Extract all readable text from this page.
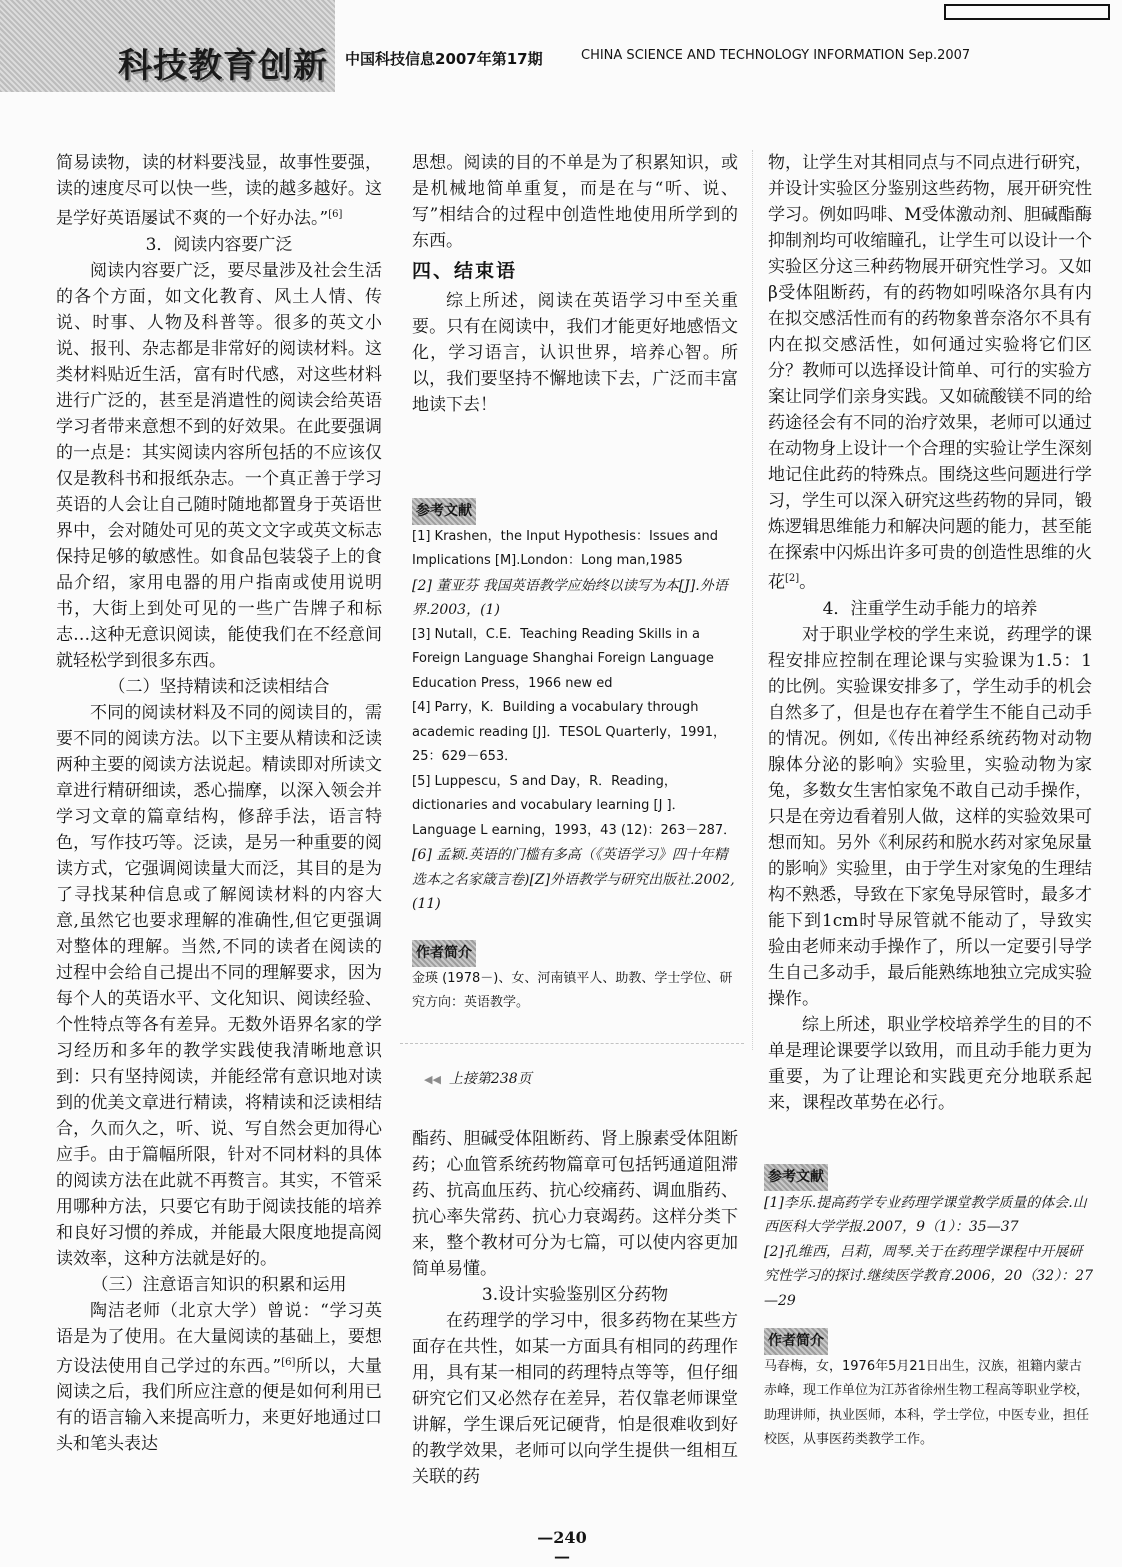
科技教育创新	中国科技信息2007年第17期	CHINA SCIENCE AND TECHNOLOGY INFORMATION Sep.2007

简易读物，读的材料要浅显，故事性要强，读的速度尽可以快一些，读的越多越好。这是学好英语屡试不爽的一个好办法。”[6]

3．阅读内容要广泛

阅读内容要广泛，要尽量涉及社会生活的各个方面，如文化教育、风土人情、传说、时事、人物及科普等。很多的英文小说、报刊、杂志都是非常好的阅读材料。这类材料贴近生活，富有时代感，对这些材料进行广泛的，甚至是消遣性的阅读会给英语学习者带来意想不到的好效果。在此要强调的一点是：其实阅读内容所包括的不应该仅仅是教科书和报纸杂志。一个真正善于学习英语的人会让自己随时随地都置身于英语世界中，会对随处可见的英文文字或英文标志保持足够的敏感性。如食品包装袋子上的食品介绍，家用电器的用户指南或使用说明书，大街上到处可见的一些广告牌子和标志…这种无意识阅读，能使我们在不经意间就轻松学到很多东西。

（二）坚持精读和泛读相结合

不同的阅读材料及不同的阅读目的，需要不同的阅读方法。以下主要从精读和泛读两种主要的阅读方法说起。精读即对所读文章进行精研细读，悉心揣摩，以深入领会并学习文章的篇章结构，修辞手法，语言特色，写作技巧等。泛读，是另一种重要的阅读方式，它强调阅读量大而泛，其目的是为了寻找某种信息或了解阅读材料的内容大意,虽然它也要求理解的准确性,但它更强调对整体的理解。当然,不同的读者在阅读的过程中会给自己提出不同的理解要求，因为每个人的英语水平、文化知识、阅读经验、个性特点等各有差异。无数外语界名家的学习经历和多年的教学实践使我清晰地意识到：只有坚持阅读，并能经常有意识地对读到的优美文章进行精读，将精读和泛读相结合，久而久之，听、说、写自然会更加得心应手。由于篇幅所限，针对不同材料的具体的阅读方法在此就不再赘言。其实，不管采用哪种方法，只要它有助于阅读技能的培养和良好习惯的养成，并能最大限度地提高阅读效率，这种方法就是好的。

（三）注意语言知识的积累和运用

陶洁老师（北京大学）曾说：“学习英语是为了使用。在大量阅读的基础上，要想方设法使用自己学过的东西。”[6]所以，大量阅读之后，我们所应注意的便是如何利用已有的语言输入来提高听力，来更好地通过口头和笔头表达

思想。阅读的目的不单是为了积累知识，或是机械地简单重复，而是在与“听、说、写”相结合的过程中创造性地使用所学到的东西。

四、结束语

综上所述，阅读在英语学习中至关重要。只有在阅读中，我们才能更好地感悟文化，学习语言，认识世界，培养心智。所以，我们要坚持不懈地读下去，广泛而丰富地读下去！

参考文献

[1] Krashen，the Input Hypothesis：Issues and Implications [M].London：Long man,1985

[2] 董亚芬 我国英语教学应始终以读写为本[J].外语界.2003，(1)

[3] Nutall，C.E．Teaching Reading Skills in a Foreign Language Shanghai Foreign Language Education Press，1966 new ed

[4] Parry，K．Building a vocabulary through academic reading [J]．TESOL Quarterly，1991，25：629－653．

[5] Luppescu，S and Day，R．Reading，dictionaries and vocabulary learning [J ]．Language L earning，1993，43 (12)：263－287．

[6] 孟颖.英语的门槛有多高（《英语学习》四十年精选本之名家箴言卷)[Z]外语教学与研究出版社.2002,(11)

作者简介

金瑛 (1978－)、女、河南镇平人、助教、学士学位、研究方向：英语教学。

◀◀ 上接第238页

酯药、胆碱受体阻断药、肾上腺素受体阻断药；心血管系统药物篇章可包括钙通道阻滞药、抗高血压药、抗心绞痛药、调血脂药、抗心率失常药、抗心力衰竭药。这样分类下来，整个教材可分为七篇，可以使内容更加简单易懂。

3.设计实验鉴别区分药物

在药理学的学习中，很多药物在某些方面存在共性，如某一方面具有相同的药理作用，具有某一相同的药理特点等等，但仔细研究它们又必然存在差异，若仅靠老师课堂讲解，学生课后死记硬背，怕是很难收到好的教学效果，老师可以向学生提供一组相互关联的药

物，让学生对其相同点与不同点进行研究，并设计实验区分鉴别这些药物，展开研究性学习。例如吗啡、M受体激动剂、胆碱酯酶抑制剂均可收缩瞳孔，让学生可以设计一个实验区分这三种药物展开研究性学习。又如β受体阻断药，有的药物如吲哚洛尔具有内在拟交感活性而有的药物象普奈洛尔不具有内在拟交感活性，如何通过实验将它们区分？教师可以选择设计简单、可行的实验方案让同学们亲身实践。又如硫酸镁不同的给药途径会有不同的治疗效果，老师可以通过在动物身上设计一个合理的实验让学生深刻地记住此药的特殊点。围绕这些问题进行学习，学生可以深入研究这些药物的异同，锻炼逻辑思维能力和解决问题的能力，甚至能在探索中闪烁出许多可贵的创造性思维的火花[2]。

4．注重学生动手能力的培养

对于职业学校的学生来说，药理学的课程安排应控制在理论课与实验课为1.5：1的比例。实验课安排多了，学生动手的机会自然多了，但是也存在着学生不能自己动手的情况。例如,《传出神经系统药物对动物腺体分泌的影响》实验里，实验动物为家兔，多数女生害怕家兔不敢自己动手操作，只是在旁边看着别人做，这样的实验效果可想而知。另外《利尿药和脱水药对家兔尿量的影响》实验里，由于学生对家兔的生理结构不熟悉，导致在下家兔导尿管时，最多才能下到1cm时导尿管就不能动了，导致实验由老师来动手操作了，所以一定要引导学生自己多动手，最后能熟练地独立完成实验操作。

综上所述，职业学校培养学生的目的不单是理论课要学以致用，而且动手能力更为重要，为了让理论和实践更充分地联系起来，课程改革势在必行。

参考文献

[1]李乐.提高药学专业药理学课堂教学质量的体会.山西医科大学学报.2007，9（1）：35—37

[2]孔维西，吕莉，周琴.关于在药理学课程中开展研究性学习的探讨.继续医学教育.2006，20（32）：27—29

作者简介

马春梅，女，1976年5月21日出生，汉族，祖籍内蒙古赤峰，现工作单位为江苏省徐州生物工程高等职业学校，助理讲师，执业医师，本科，学士学位，中医专业，担任校医，从事医药类教学工作。

—240—
